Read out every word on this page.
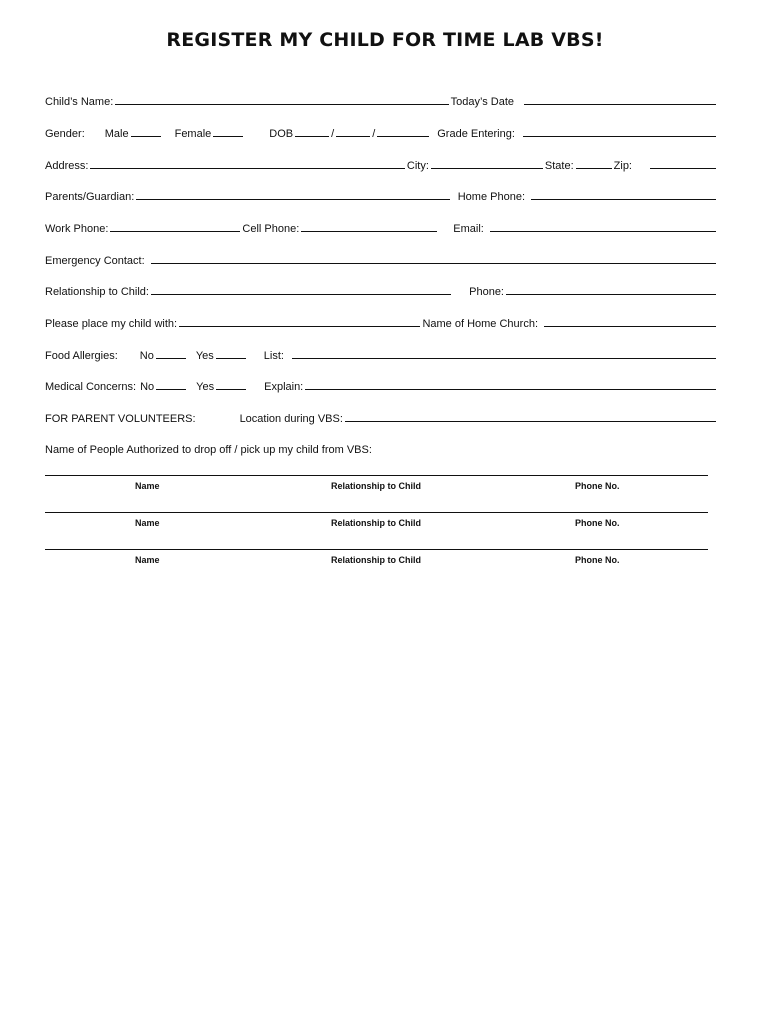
REGISTER MY CHILD FOR TIME LAB VBS!
Child’s Name:	Today’s Date
Gender: Male	Female	DOB	/	/	Grade Entering:
Address:	City:	State:	Zip:
Parents/Guardian:	Home Phone:
Work Phone:	Cell Phone:	Email:
Emergency Contact:
Relationship to Child:	Phone:
Please place my child with:	Name of Home Church:
Food Allergies: No	Yes	List:
Medical Concerns: No	Yes	Explain:
FOR PARENT VOLUNTEERS:	Location during VBS:
Name of People Authorized to drop off / pick up my child from VBS:
Name	Relationship to Child	Phone No.
Name	Relationship to Child	Phone No.
Name	Relationship to Child	Phone No.
